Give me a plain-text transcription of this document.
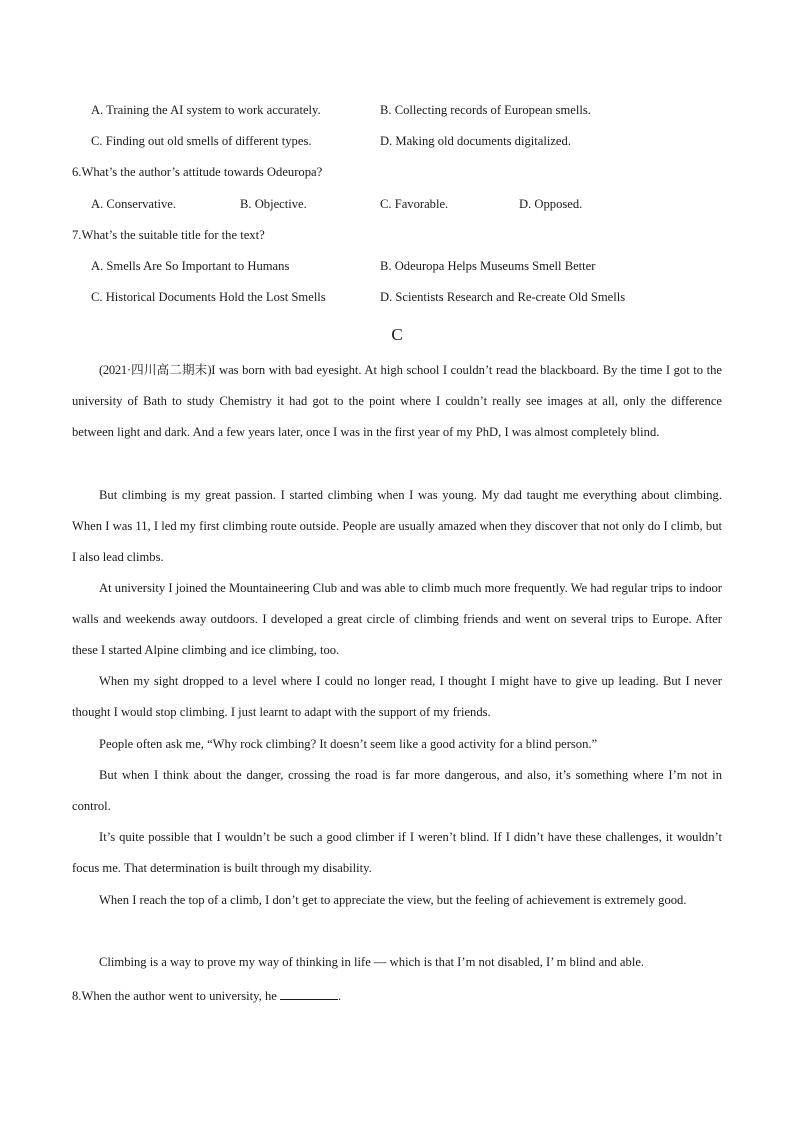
A. Training the AI system to work accurately.	B. Collecting records of European smells.
C. Finding out old smells of different types.	D. Making old documents digitalized.
6.What’s the author’s attitude towards Odeuropa?
A. Conservative.	B. Objective.	C. Favorable.	D. Opposed.
7.What’s the suitable title for the text?
A. Smells Are So Important to Humans	B. Odeuropa Helps Museums Smell Better
C. Historical Documents Hold the Lost Smells	D. Scientists Research and Re-create Old Smells
C

(2021·四川高二期末)I was born with bad eyesight. At high school I couldn’t read the blackboard. By the time I got to the university of Bath to study Chemistry it had got to the point where I couldn’t really see images at all, only the difference between light and dark. And a few years later, once I was in the first year of my PhD, I was almost completely blind.

But climbing is my great passion. I started climbing when I was young. My dad taught me everything about climbing. When I was 11, I led my first climbing route outside. People are usually amazed when they discover that not only do I climb, but I also lead climbs.

At university I joined the Mountaineering Club and was able to climb much more frequently. We had regular trips to indoor walls and weekends away outdoors. I developed a great circle of climbing friends and went on several trips to Europe. After these I started Alpine climbing and ice climbing, too.

When my sight dropped to a level where I could no longer read, I thought I might have to give up leading. But I never thought I would stop climbing. I just learnt to adapt with the support of my friends.

People often ask me, “Why rock climbing? It doesn’t seem like a good activity for a blind person.”

But when I think about the danger, crossing the road is far more dangerous, and also, it’s something where I’m not in control.

It’s quite possible that I wouldn’t be such a good climber if I weren’t blind. If I didn’t have these challenges, it wouldn’t focus me. That determination is built through my disability.

When I reach the top of a climb, I don’t get to appreciate the view, but the feeling of achievement is extremely good.

Climbing is a way to prove my way of thinking in life — which is that I’m not disabled, I’ m blind and able.

8.When the author went to university, he	.
